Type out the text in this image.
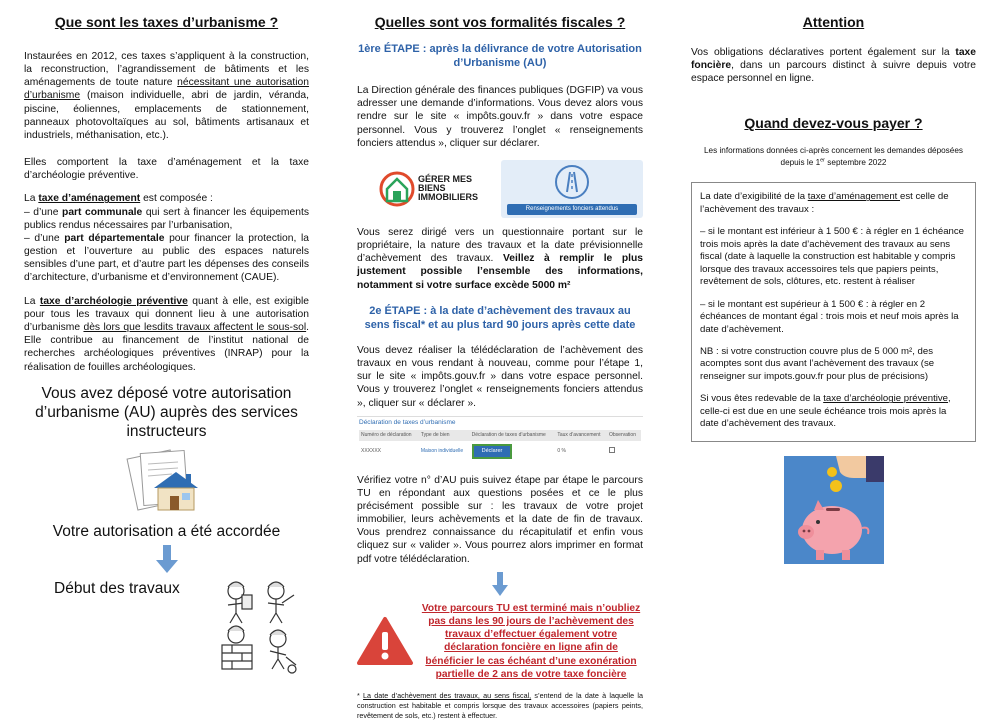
Que sont les taxes d’urbanisme ?

Instaurées en 2012, ces taxes s’appliquent à la construction, la reconstruction, l’agrandissement de bâtiments et les aménagements de toute nature nécessitant une autorisation d’urbanisme (maison individuelle, abri de jardin, véranda, piscine, éoliennes, emplacements de stationnement, panneaux photovoltaïques au sol, bâtiments artisanaux et industriels, méthanisation, etc.).

Elles comportent la taxe d’aménagement et la taxe d’archéologie préventive.

La taxe d’aménagement est composée :
– d’une part communale qui sert à financer les équipements publics rendus nécessaires par l’urbanisation,
– d’une part départementale pour financer la protection, la gestion et l’ouverture au public des espaces naturels sensibles d’une part, et d’autre part les dépenses des conseils d’architecture, d’urbanisme et d’environnement (CAUE).

La taxe d’archéologie préventive quant à elle, est exigible pour tous les travaux qui donnent lieu à une autorisation d’urbanisme dès lors que lesdits travaux affectent le sous-sol. Elle contribue au financement de l’institut national de recherches archéologiques préventives (INRAP) pour la réalisation de fouilles archéologiques.

Vous avez déposé votre autorisation d’urbanisme (AU) auprès des services instructeurs
Votre autorisation a été accordée
Début des travaux
Quelles sont vos formalités fiscales ?
1ère ÉTAPE : après la délivrance de votre Autorisation d’Urbanisme (AU)

La Direction générale des finances publiques (DGFIP) va vous adresser une demande d’informations. Vous devez alors vous rendre sur le site « impôts.gouv.fr » dans votre espace personnel. Vous y trouverez l’onglet « renseignements fonciers attendus », cliquer sur déclarer.

GÉRER MES BIENS IMMOBILIERS
Renseignements fonciers attendus

Vous serez dirigé vers un questionnaire portant sur le propriétaire, la nature des travaux et la date prévisionnelle d’achèvement des travaux. Veillez à remplir le plus justement possible l’ensemble des informations, notamment si votre surface excède 5000 m²

2e ÉTAPE : à la date d’achèvement des travaux au sens fiscal* et au plus tard 90 jours après cette date

Vous devez réaliser la télédéclaration de l’achèvement des travaux en vous rendant à nouveau, comme pour l’étape 1, sur le site « impôts.gouv.fr » dans votre espace personnel. Vous y trouverez l’onglet « renseignements fonciers attendus », cliquer sur « déclarer ».

Déclaration de taxes d’urbanisme
Numéro de déclaration	Type de bien	Déclaration de taxes d’urbanisme	Taux d’avancement	Observation
XXXXXX	Maison individuelle	Déclarer	0 %	

Vérifiez votre n° d’AU puis suivez étape par étape le parcours TU en répondant aux questions posées et ce le plus précisément possible sur : les travaux de votre projet immobilier, leurs achèvements et la date de fin de travaux. Vous prendrez connaissance du récapitulatif et enfin vous cliquez sur « valider ». Vous pourrez alors imprimer en format pdf votre télédéclaration.

Votre parcours TU est terminé mais n’oubliez pas dans les 90 jours de l’achèvement des travaux d’effectuer également votre déclaration foncière en ligne afin de bénéficier le cas échéant d’une exonération partielle de 2 ans de votre taxe foncière
* La date d’achèvement des travaux, au sens fiscal, s’entend de la date à laquelle la construction est habitable et compris lorsque des travaux accessoires (papiers peints, revêtement de sols, etc.) restent à effectuer.
Attention

Vos obligations déclaratives portent également sur la taxe foncière, dans un parcours distinct à suivre depuis votre espace personnel en ligne.

Quand devez-vous payer ?
Les informations données ci-après concernent les demandes déposées depuis le 1er septembre 2022

La date d’exigibilité de la taxe d’aménagement est celle de l’achèvement des travaux :

– si le montant est inférieur à 1 500 € : à régler en 1 échéance trois mois après la date d’achèvement des travaux au sens fiscal (date à laquelle la construction est habitable y compris lorsque des travaux accessoires tels que papiers peints, revêtement de sols, clôtures, etc. restent à réaliser

– si le montant est supérieur à 1 500 € : à régler en 2 échéances de montant égal : trois mois et neuf mois après la date d’achèvement.

NB : si votre construction couvre plus de 5 000 m², des acomptes sont dus avant l’achèvement des travaux (se renseigner sur impots.gouv.fr pour plus de précisions)

Si vous êtes redevable de la taxe d’archéologie préventive, celle-ci est due en une seule échéance trois mois après la date d’achèvement des travaux.
